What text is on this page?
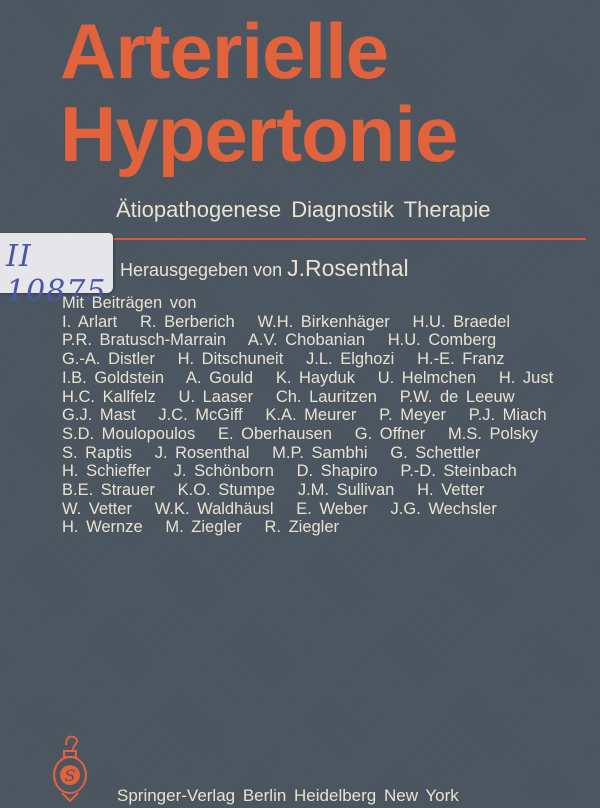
Arterielle
Hypertonie
Ätiopathogenese Diagnostik Therapie
Herausgegeben von J.Rosenthal
II 10875
Mit Beiträgen von
I. Arlart   R. Berberich   W.H. Birkenhäger   H.U. Braedel
P.R. Bratusch-Marrain   A.V. Chobanian   H.U. Comberg
G.-A. Distler   H. Ditschuneit   J.L. Elghozi   H.-E. Franz
I.B. Goldstein   A. Gould   K. Hayduk   U. Helmchen   H. Just
H.C. Kallfelz   U. Laaser   Ch. Lauritzen   P.W. de Leeuw
G.J. Mast   J.C. McGiff   K.A. Meurer   P. Meyer   P.J. Miach
S.D. Moulopoulos   E. Oberhausen   G. Offner   M.S. Polsky
S. Raptis   J. Rosenthal   M.P. Sambhi   G. Schettler
H. Schieffer   J. Schönborn   D. Shapiro   P.-D. Steinbach
B.E. Strauer   K.O. Stumpe   J.M. Sullivan   H. Vetter
W. Vetter   W.K. Waldhäusl   E. Weber   J.G. Wechsler
H. Wernze   M. Ziegler   R. Ziegler
S
Springer-Verlag Berlin Heidelberg New York
